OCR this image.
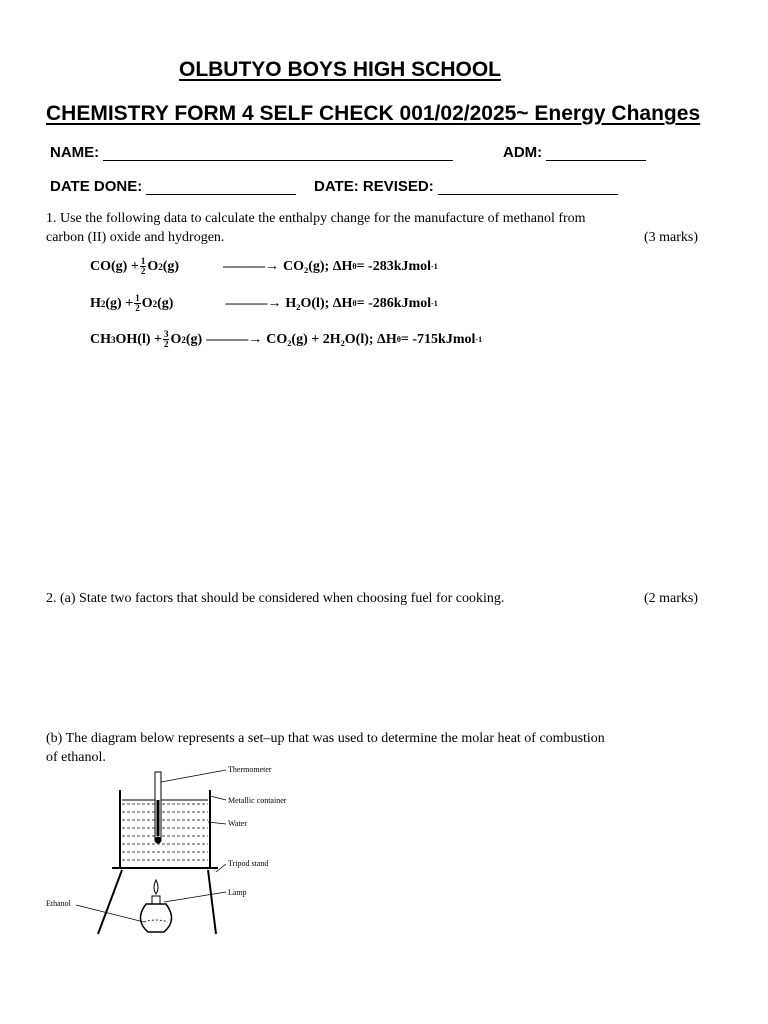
OLBUTYO BOYS HIGH SCHOOL
CHEMISTRY FORM 4 SELF CHECK 001/02/2025~ Energy Changes
NAME:	ADM:
DATE DONE:	DATE: REVISED:
1. Use the following data to calculate the enthalpy change for the manufacture of methanol from
carbon (II) oxide and hydrogen.	(3 marks)
$CO(g) + \frac{1}{2}$ O 2 (g)	———→ CO₂(g); ΔH θ = -283kJmol -1
H 2 $(g) + \frac{1}{2}$ O 2 (g)	———→ H₂O(l); ΔH θ = -286kJmol -1
CH 3 $OH(l) + \frac{3}{2}$ O 2 (g) ———→ CO₂(g) + 2H₂O(l); ΔH θ = -715kJmol -1
2. (a) State two factors that should be considered when choosing fuel for cooking.	(2 marks)
(b) The diagram below represents a set–up that was used to determine the molar heat of combustion
of ethanol.
Thermometer
Metallic container
Water
Tripod stand
Lamp
Ethanol
